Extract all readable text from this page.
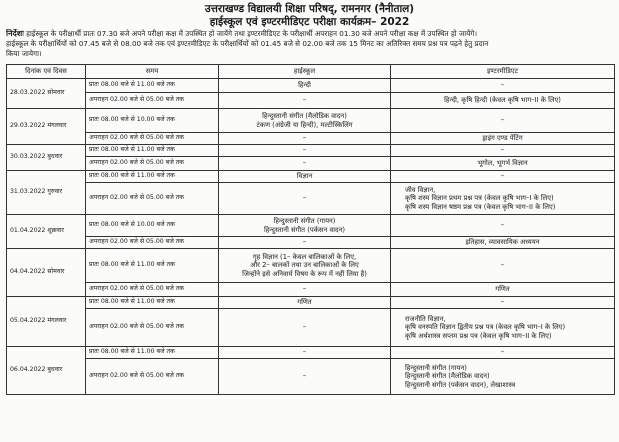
उत्तराखण्ड विद्यालयी शिक्षा परिषद्, रामनगर (नैनीताल)
हाईस्कूल एवं इण्टरमीडिएट परीक्षा कार्यक्रम– 2022
निर्देशः हाईस्कूल के परीक्षार्थी प्रातः 07.30 बजे अपने परीक्षा कक्ष में उपस्थित हो जायेंगे तथा इण्टरमीडिएट के परीक्षार्थी अपराहन 01.30 बजे अपने परीक्षा कक्ष में उपस्थित हो जायेंगे।
हाईस्कूल के परीक्षार्थियों को 07.45 बजे से 08.00 बजे तक एवं इण्टरमीडिएट के परीक्षार्थियों को 01.45 बजे से 02.00 बजे तक 15 मिनट का अतिरिक्त समय प्रश्न पत्र पढ़ने हेतु प्रदान
किया जायेगा।
दिनांक एवं दिवस	समय	हाईस्कूल	इण्टरमीडिएट
28.03.2022 सोमवार	प्रातः 08.00 बजे से 11.00 बजे तक	हिन्दी	–

	अपराहन 02.00 बजे से 05.00 बजे तक	–	हिन्दी, कृषि हिन्दी (केवल कृषि भाग–II के लिए)

29.03.2022 मंगलवार	प्रातः 08.00 बजे से 10.00 बजे तक	हिन्दुस्तानी संगीत (मैलोडिक वादन)
टंकण (अंग्रेजी या हिन्दी), मल्टीस्किलिंग	–

	अपराहन 02.00 बजे से 05.00 बजे तक	–	ड्राइंग एण्ड पेंटिंग

30.03.2022 बुधवार	प्रातः 08.00 बजे से 11.00 बजे तक	–	–

	अपराहन 02.00 बजे से 05.00 बजे तक	–	भूगोल, भूगर्भ विज्ञान

31.03.2022 गुरुवार	प्रातः 08.00 बजे से 11.00 बजे तक	विज्ञान	–

	अपराहन 02.00 बजे से 05.00 बजे तक	–	जीव विज्ञान,
कृषि शस्य विज्ञान प्रथम प्रश्न पत्र (केवल कृषि भाग–I के लिए)
कृषि शस्य विज्ञान षष्ठम प्रश्न पत्र (केवल कृषि भाग–II के लिए)

01.04.2022 शुक्रवार	प्रातः 08.00 बजे से 10.00 बजे तक	हिन्दुस्तानी संगीत (गायन)
हिन्दुस्तानी संगीत (पर्कसन वादन)	–

	अपराहन 02.00 बजे से 05.00 बजे तक	–	इतिहास, व्यावसायिक अध्ययन

04.04.2022 सोमवार	प्रातः 08.00 बजे से 11.00 बजे तक	गृह विज्ञान (1– केवल बालिकाओं के लिए,
और 2– बालकों तथा उन बालिकाओं के लिए
जिन्होंने इसे अनिवार्य विषय के रूप में नहीं लिया है)	–

	अपराहन 02.00 बजे से 05.00 बजे तक	–	गणित

05.04.2022 मंगलवार	प्रातः 08.00 बजे से 11.00 बजे तक	गणित	–

	अपराहन 02.00 बजे से 05.00 बजे तक	–	राजनीति विज्ञान,
कृषि वनस्पति विज्ञान द्वितीय प्रश्न पत्र (केवल कृषि भाग–I के लिए)
कृषि अर्थशास्त्र सप्तम प्रश्न पत्र (केवल कृषि भाग–II के लिए)

06.04.2022 बुधवार	प्रातः 08.00 बजे से 11.00 बजे तक	–	–

	अपराहन 02.00 बजे से 05.00 बजे तक	–	हिन्दुस्तानी संगीत (गायन)
हिन्दुस्तानी संगीत (मैलोडिक वादन)
हिन्दुस्तानी संगीत (पर्कसन वादन), लेखाशास्त्र
